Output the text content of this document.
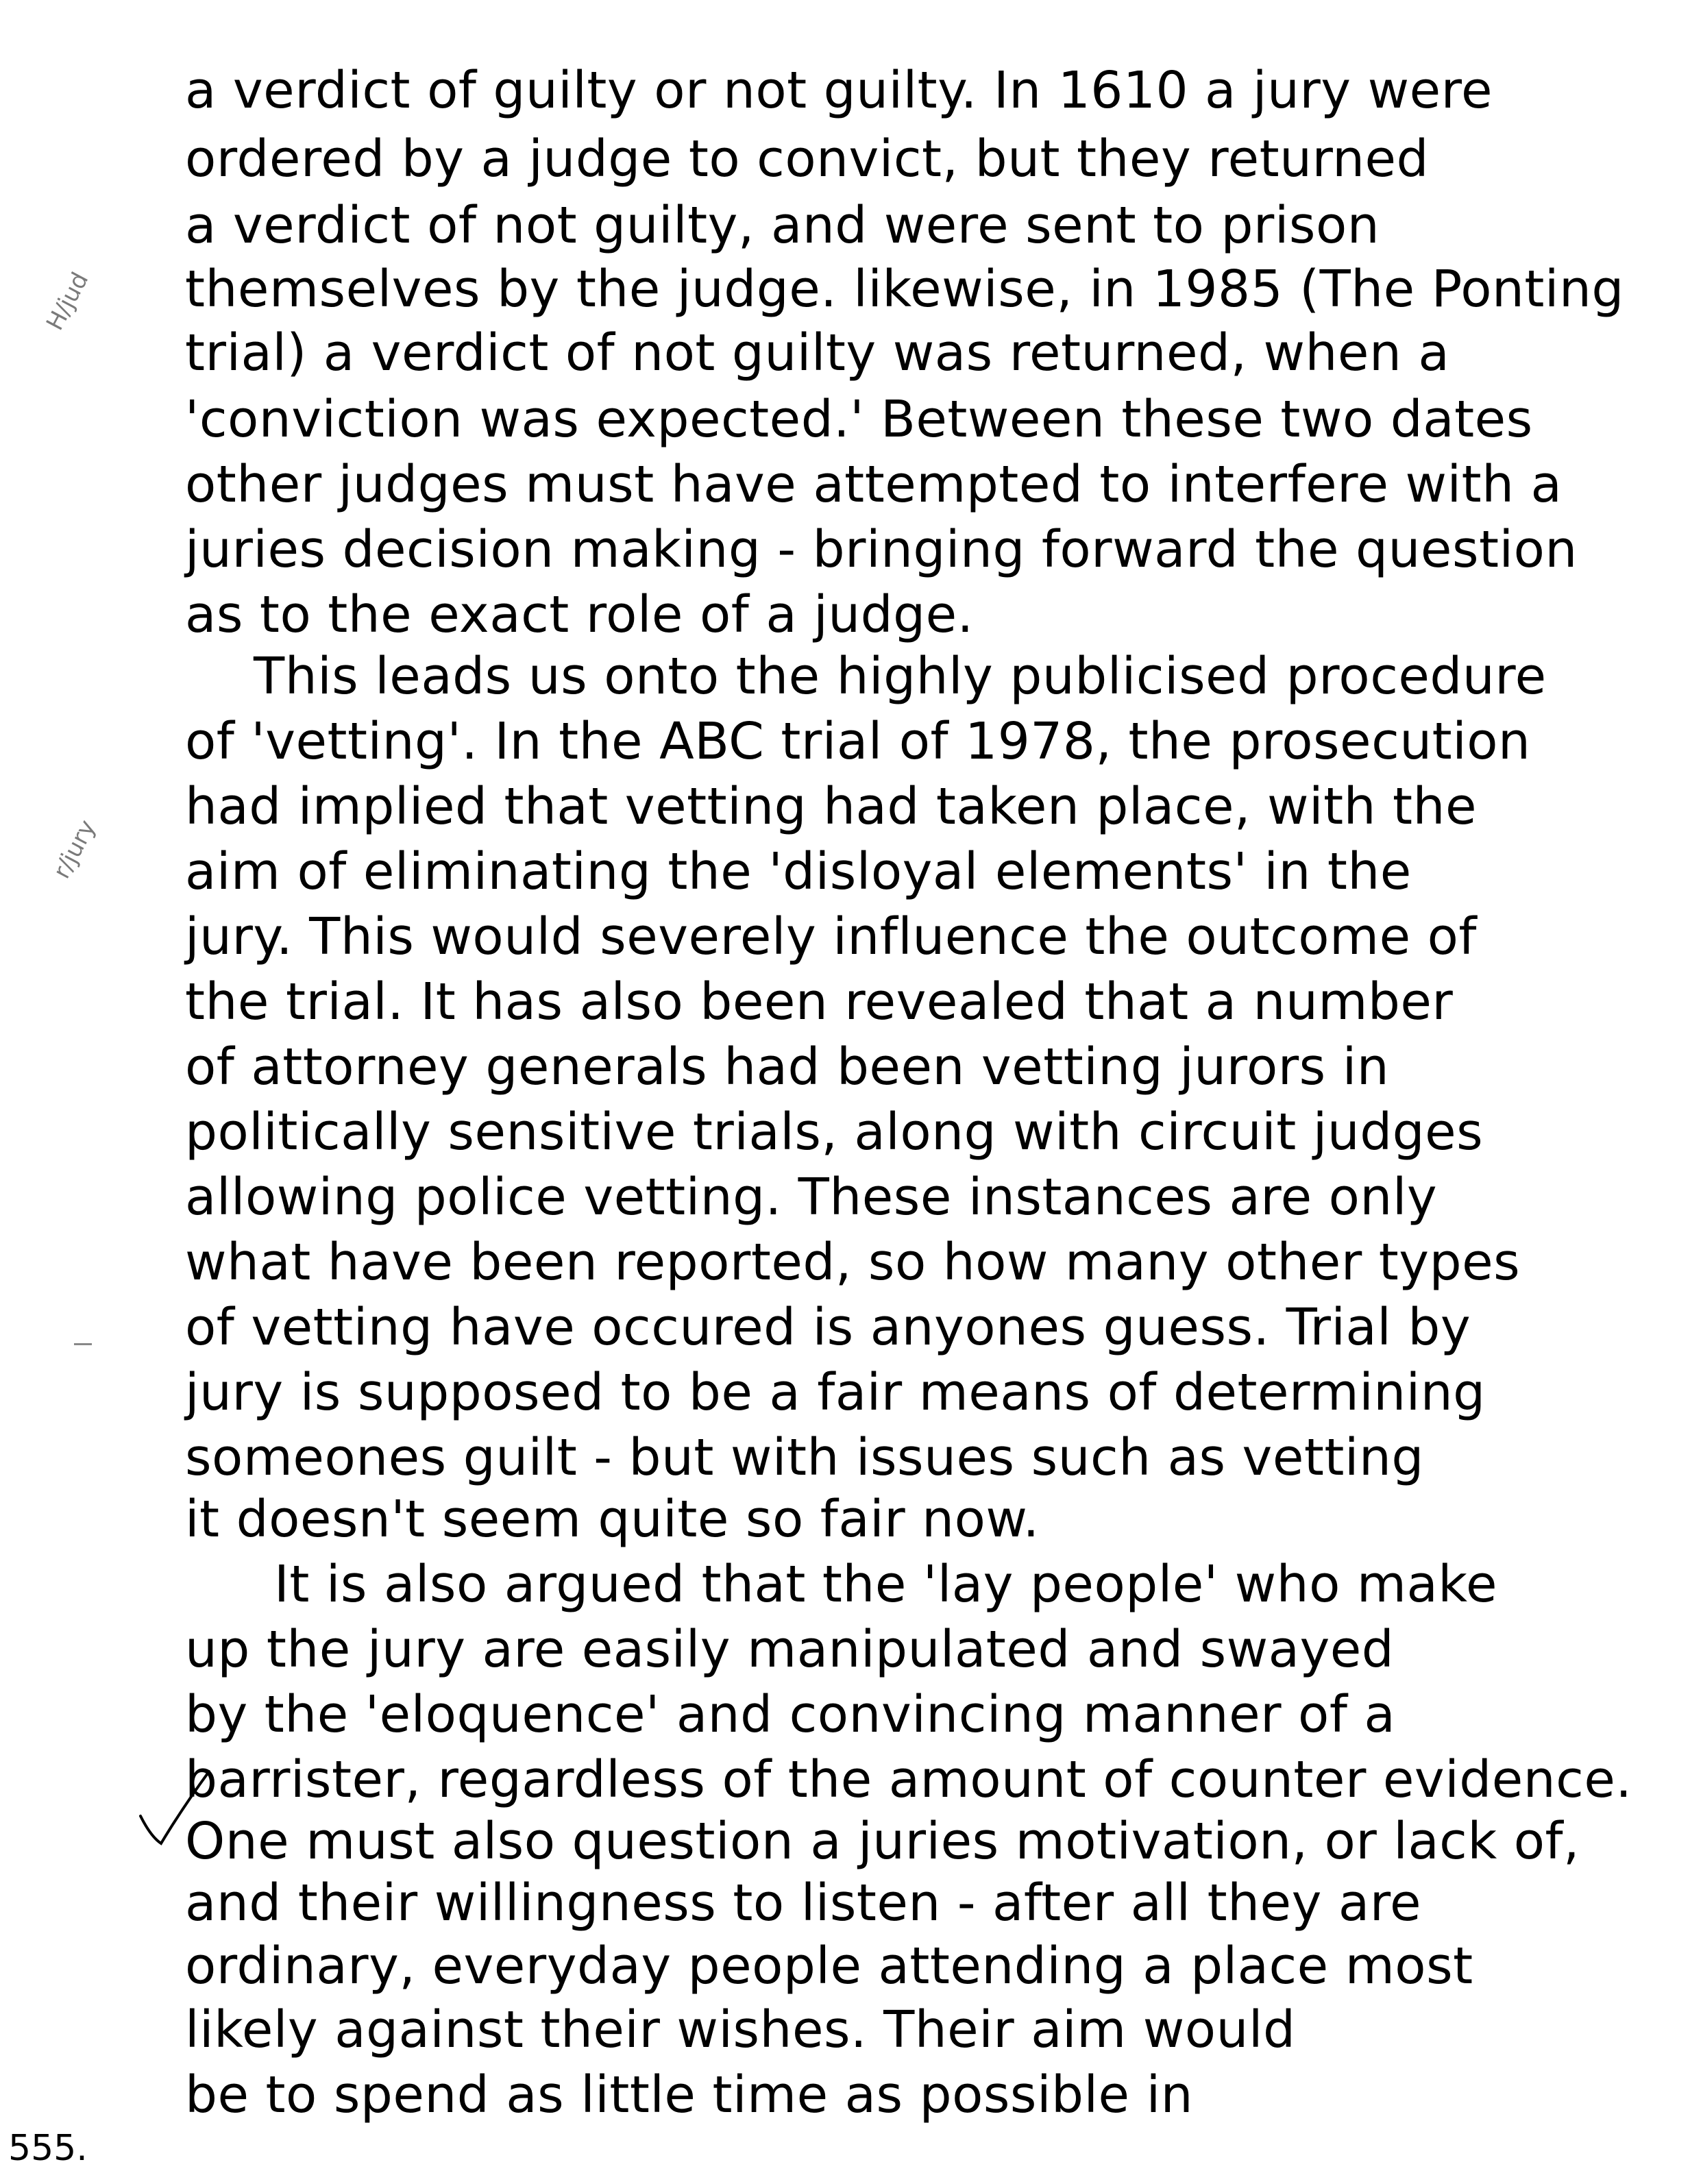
a verdict of guilty or not guilty. In 1610 a jury were
ordered by a judge to convict, but they returned
a verdict of not guilty, and were sent to prison
themselves by the judge. likewise, in 1985 (The Ponting
trial) a verdict of not guilty was returned, when a
'conviction was expected.' Between these two dates
other judges must have attempted to interfere with a
juries decision making - bringing forward the question
as to the exact role of a judge.
This leads us onto the highly publicised procedure
of 'vetting'. In the ABC trial of 1978, the prosecution
had implied that vetting had taken place, with the
aim of eliminating the 'disloyal elements' in the
jury. This would severely influence the outcome of
the trial. It has also been revealed that a number
of attorney generals had been vetting jurors in
politically sensitive trials, along with circuit judges
allowing police vetting. These instances are only
what have been reported, so how many other types
of vetting have occured is anyones guess. Trial by
jury is supposed to be a fair means of determining
someones guilt - but with issues such as vetting
it doesn't seem quite so fair now.
It is also argued that the 'lay people' who make
up the jury are easily manipulated and swayed
by the 'eloquence' and convincing manner of a
barrister, regardless of the amount of counter evidence.
One must also question a juries motivation, or lack of,
and their willingness to listen - after all they are
ordinary, everyday people attending a place most
likely against their wishes. Their aim would
be to spend as little time as possible in
H/jud
r/jury
555.
